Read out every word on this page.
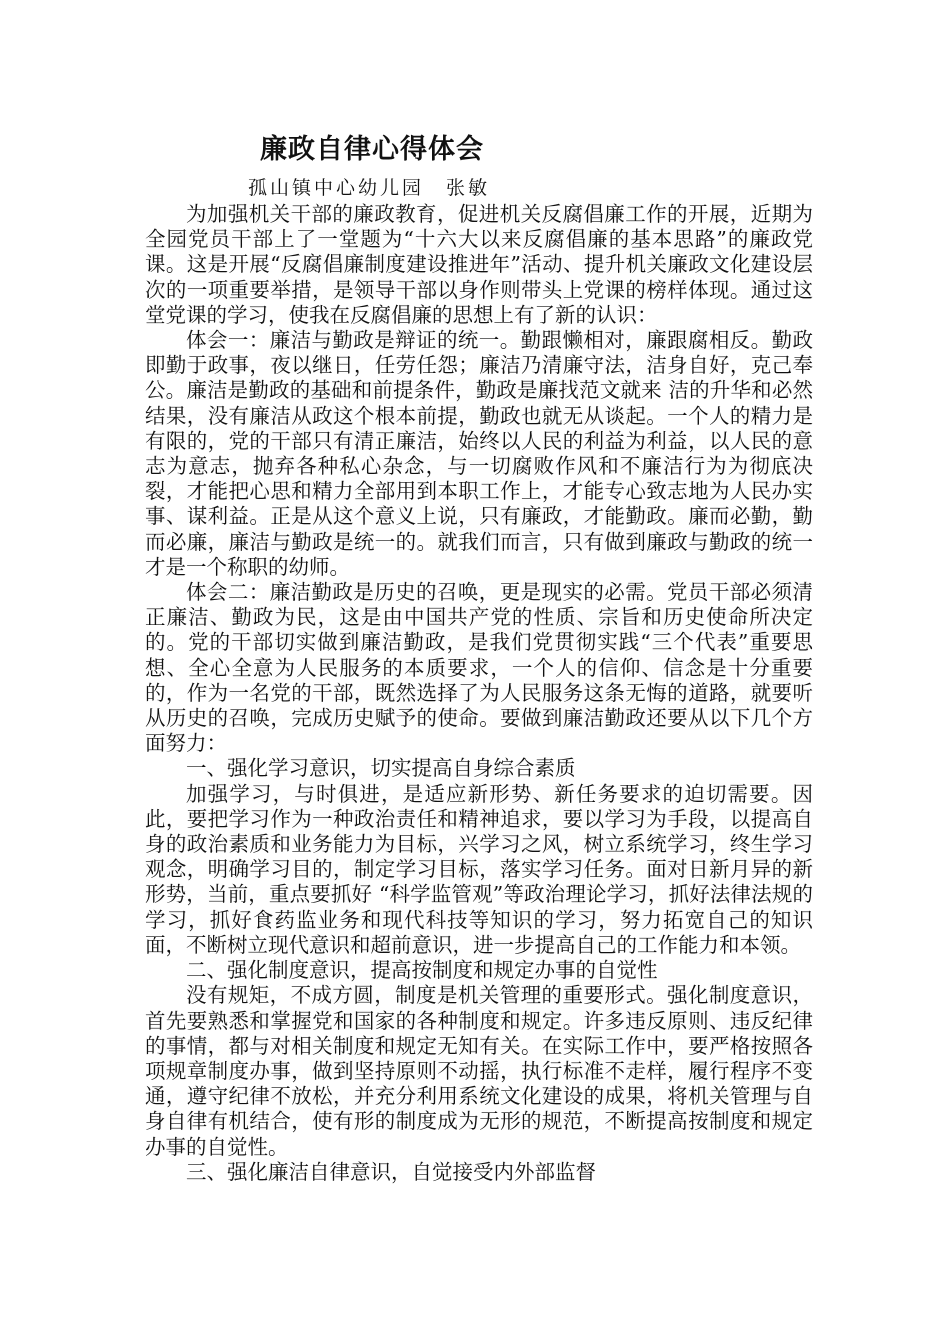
廉政自律心得体会
孤山镇中心幼儿园　张敏

为加强机关干部的廉政教育，促进机关反腐倡廉工作的开展，近期为全园党员干部上了一堂题为“十六大以来反腐倡廉的基本思路”的廉政党课。这是开展“反腐倡廉制度建设推进年”活动、提升机关廉政文化建设层次的一项重要举措，是领导干部以身作则带头上党课的榜样体现。通过这堂党课的学习，使我在反腐倡廉的思想上有了新的认识：

体会一：廉洁与勤政是辩证的统一。勤跟懒相对，廉跟腐相反。勤政即勤于政事，夜以继日，任劳任怨；廉洁乃清廉守法，洁身自好，克己奉公。廉洁是勤政的基础和前提条件，勤政是廉找范文就来 洁的升华和必然结果，没有廉洁从政这个根本前提，勤政也就无从谈起。一个人的精力是有限的，党的干部只有清正廉洁，始终以人民的利益为利益，以人民的意志为意志，抛弃各种私心杂念，与一切腐败作风和不廉洁行为为彻底决裂，才能把心思和精力全部用到本职工作上，才能专心致志地为人民办实事、谋利益。正是从这个意义上说，只有廉政，才能勤政。廉而必勤，勤而必廉，廉洁与勤政是统一的。就我们而言，只有做到廉政与勤政的统一才是一个称职的幼师。

体会二：廉洁勤政是历史的召唤，更是现实的必需。党员干部必须清正廉洁、勤政为民，这是由中国共产党的性质、宗旨和历史使命所决定的。党的干部切实做到廉洁勤政，是我们党贯彻实践“三个代表”重要思想、全心全意为人民服务的本质要求，一个人的信仰、信念是十分重要的，作为一名党的干部，既然选择了为人民服务这条无悔的道路，就要听从历史的召唤，完成历史赋予的使命。要做到廉洁勤政还要从以下几个方面努力：

一、强化学习意识，切实提高自身综合素质

加强学习，与时俱进，是适应新形势、新任务要求的迫切需要。因此，要把学习作为一种政治责任和精神追求，要以学习为手段，以提高自身的政治素质和业务能力为目标，兴学习之风，树立系统学习，终生学习观念，明确学习目的，制定学习目标，落实学习任务。面对日新月异的新形势，当前，重点要抓好 “科学监管观”等政治理论学习，抓好法律法规的学习，抓好食药监业务和现代科技等知识的学习，努力拓宽自己的知识面，不断树立现代意识和超前意识，进一步提高自己的工作能力和本领。

二、强化制度意识，提高按制度和规定办事的自觉性

没有规矩，不成方圆，制度是机关管理的重要形式。强化制度意识，首先要熟悉和掌握党和国家的各种制度和规定。许多违反原则、违反纪律的事情，都与对相关制度和规定无知有关。在实际工作中，要严格按照各项规章制度办事，做到坚持原则不动摇，执行标准不走样，履行程序不变通，遵守纪律不放松，并充分利用系统文化建设的成果，将机关管理与自身自律有机结合，使有形的制度成为无形的规范，不断提高按制度和规定办事的自觉性。

三、强化廉洁自律意识，自觉接受内外部监督
